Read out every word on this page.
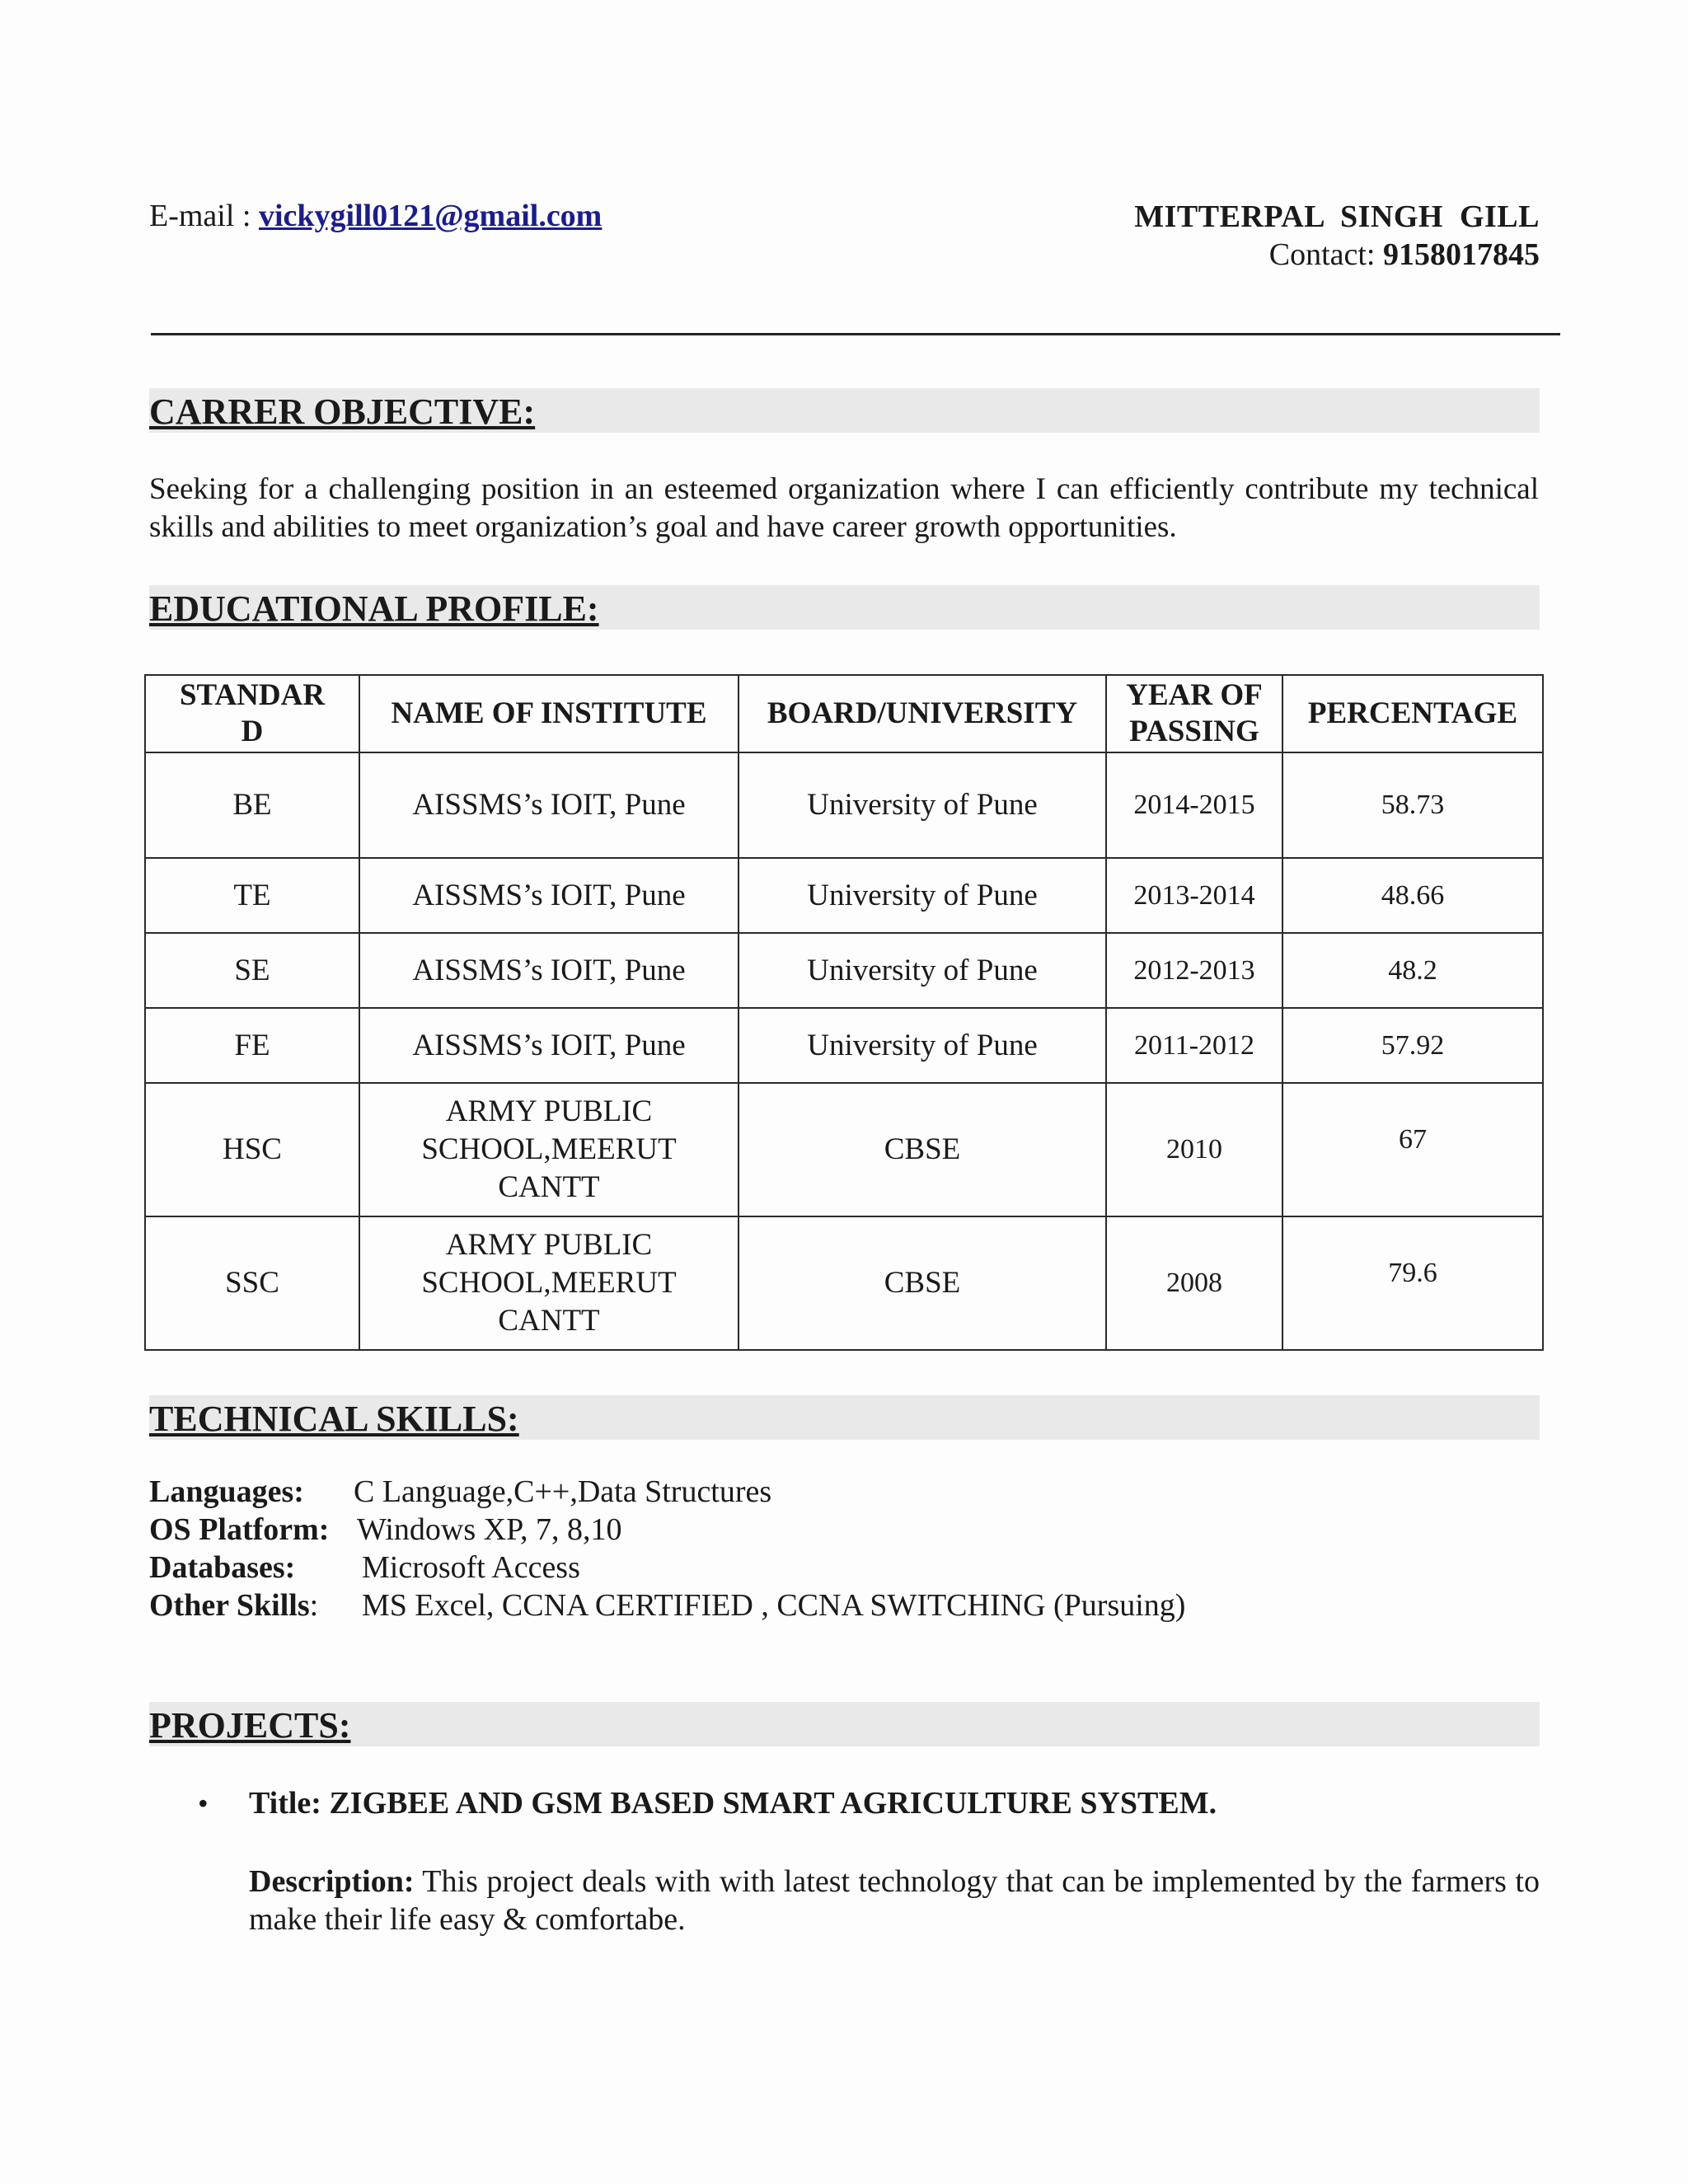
E-mail : vickygill0121@gmail.com	MITTERPAL SINGH GILL
Contact: 9158017845
CARRER OBJECTIVE:
Seeking for a challenging position in an esteemed organization where I can efficiently contribute my technical skills and abilities to meet organization’s goal and have career growth opportunities.
EDUCATIONAL PROFILE:
STANDAR D	NAME OF INSTITUTE	BOARD/UNIVERSITY	YEAR OF PASSING	PERCENTAGE
BE	AISSMS’s IOIT, Pune	University of Pune	2014-2015	58.73
TE	AISSMS’s IOIT, Pune	University of Pune	2013-2014	48.66
SE	AISSMS’s IOIT, Pune	University of Pune	2012-2013	48.2
FE	AISSMS’s IOIT, Pune	University of Pune	2011-2012	57.92
HSC	ARMY PUBLIC SCHOOL,MEERUT CANTT	CBSE	2010	67
SSC	ARMY PUBLIC SCHOOL,MEERUT CANTT	CBSE	2008	79.6
TECHNICAL SKILLS:
Languages: C Language,C++,Data Structures
OS Platform: Windows XP, 7, 8,10
Databases: Microsoft Access
Other Skills: MS Excel, CCNA CERTIFIED , CCNA SWITCHING (Pursuing)
PROJECTS:
• Title: ZIGBEE AND GSM BASED SMART AGRICULTURE SYSTEM.
Description: This project deals with with latest technology that can be implemented by the farmers to make their life easy & comfortabe.
